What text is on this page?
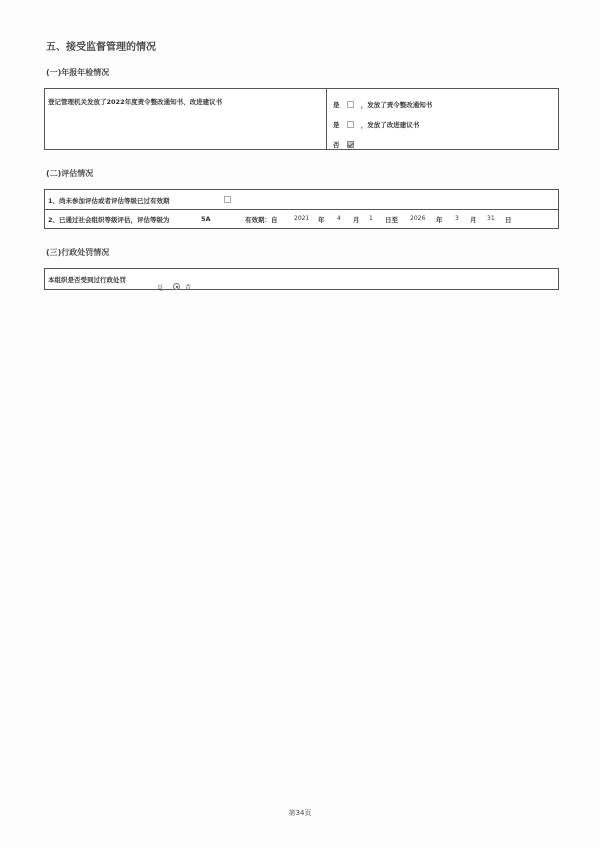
五、接受监督管理的情况
(一)年报年检情况
登记管理机关发放了2022年度责令整改通知书、改进建议书	是	，发放了责令整改通知书
是	，发放了改进建议书
否
(二)评估情况
1、尚未参加评估或者评估等级已过有效期
2、已通过社会组织等级评估，评估等级为	5A	有效期：自	2021 年 4 月 1 日至 2026 年 3 月 31 日
(三)行政处罚情况
本组织是否受到过行政处罚
是	否
第34页
